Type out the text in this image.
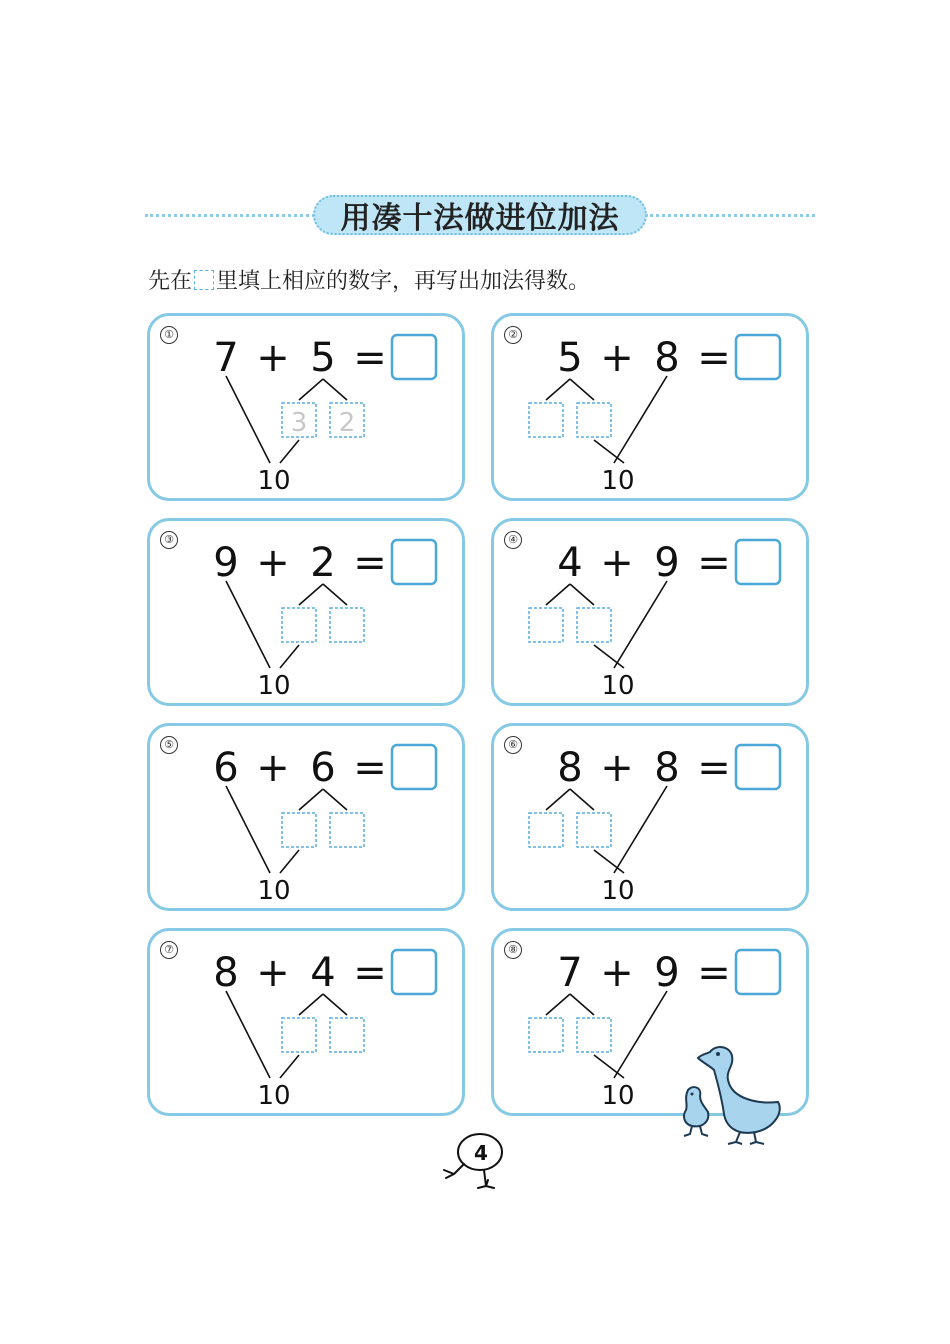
用凑十法做进位加法
先在 里填上相应的数字，再写出加法得数。
①
7 + 5 =
3 2
10
②
5 + 8 =
10
③
9 + 2 =
10
④
4 + 9 =
10
⑤
6 + 6 =
10
⑥
8 + 8 =
10
⑦
8 + 4 =
10
⑧
7 + 9 =
10
4
